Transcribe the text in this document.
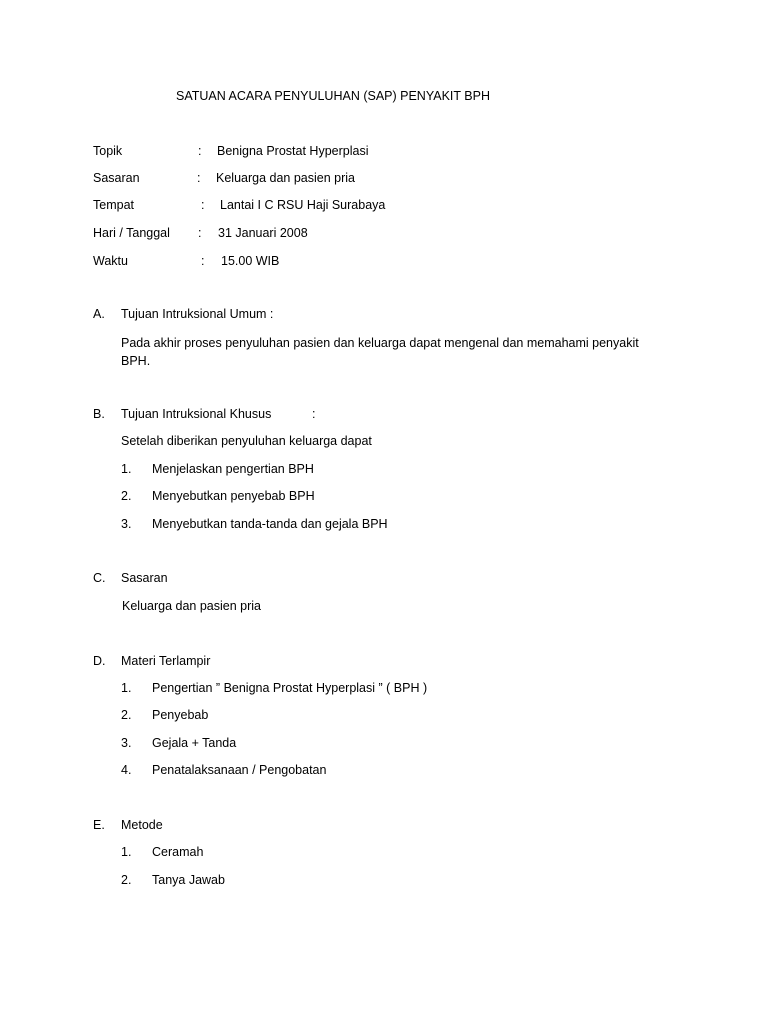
SATUAN ACARA PENYULUHAN (SAP) PENYAKIT BPH
Topik	: Benigna Prostat Hyperplasi
Sasaran	: Keluarga dan pasien pria
Tempat	: Lantai I C RSU Haji Surabaya
Hari / Tanggal : 31 Januari 2008
Waktu	: 15.00 WIB
A. Tujuan Intruksional Umum :
Pada akhir proses penyuluhan pasien dan keluarga dapat mengenal dan memahami penyakit BPH.
B. Tujuan Intruksional Khusus	:
Setelah diberikan penyuluhan keluarga dapat
1. Menjelaskan pengertian BPH
2. Menyebutkan penyebab BPH
3. Menyebutkan tanda-tanda dan gejala BPH
C. Sasaran
Keluarga dan pasien pria
D. Materi Terlampir
1. Pengertian ” Benigna Prostat Hyperplasi ” ( BPH )
2. Penyebab
3. Gejala + Tanda
4. Penatalaksanaan / Pengobatan
E. Metode
1. Ceramah
2. Tanya Jawab
